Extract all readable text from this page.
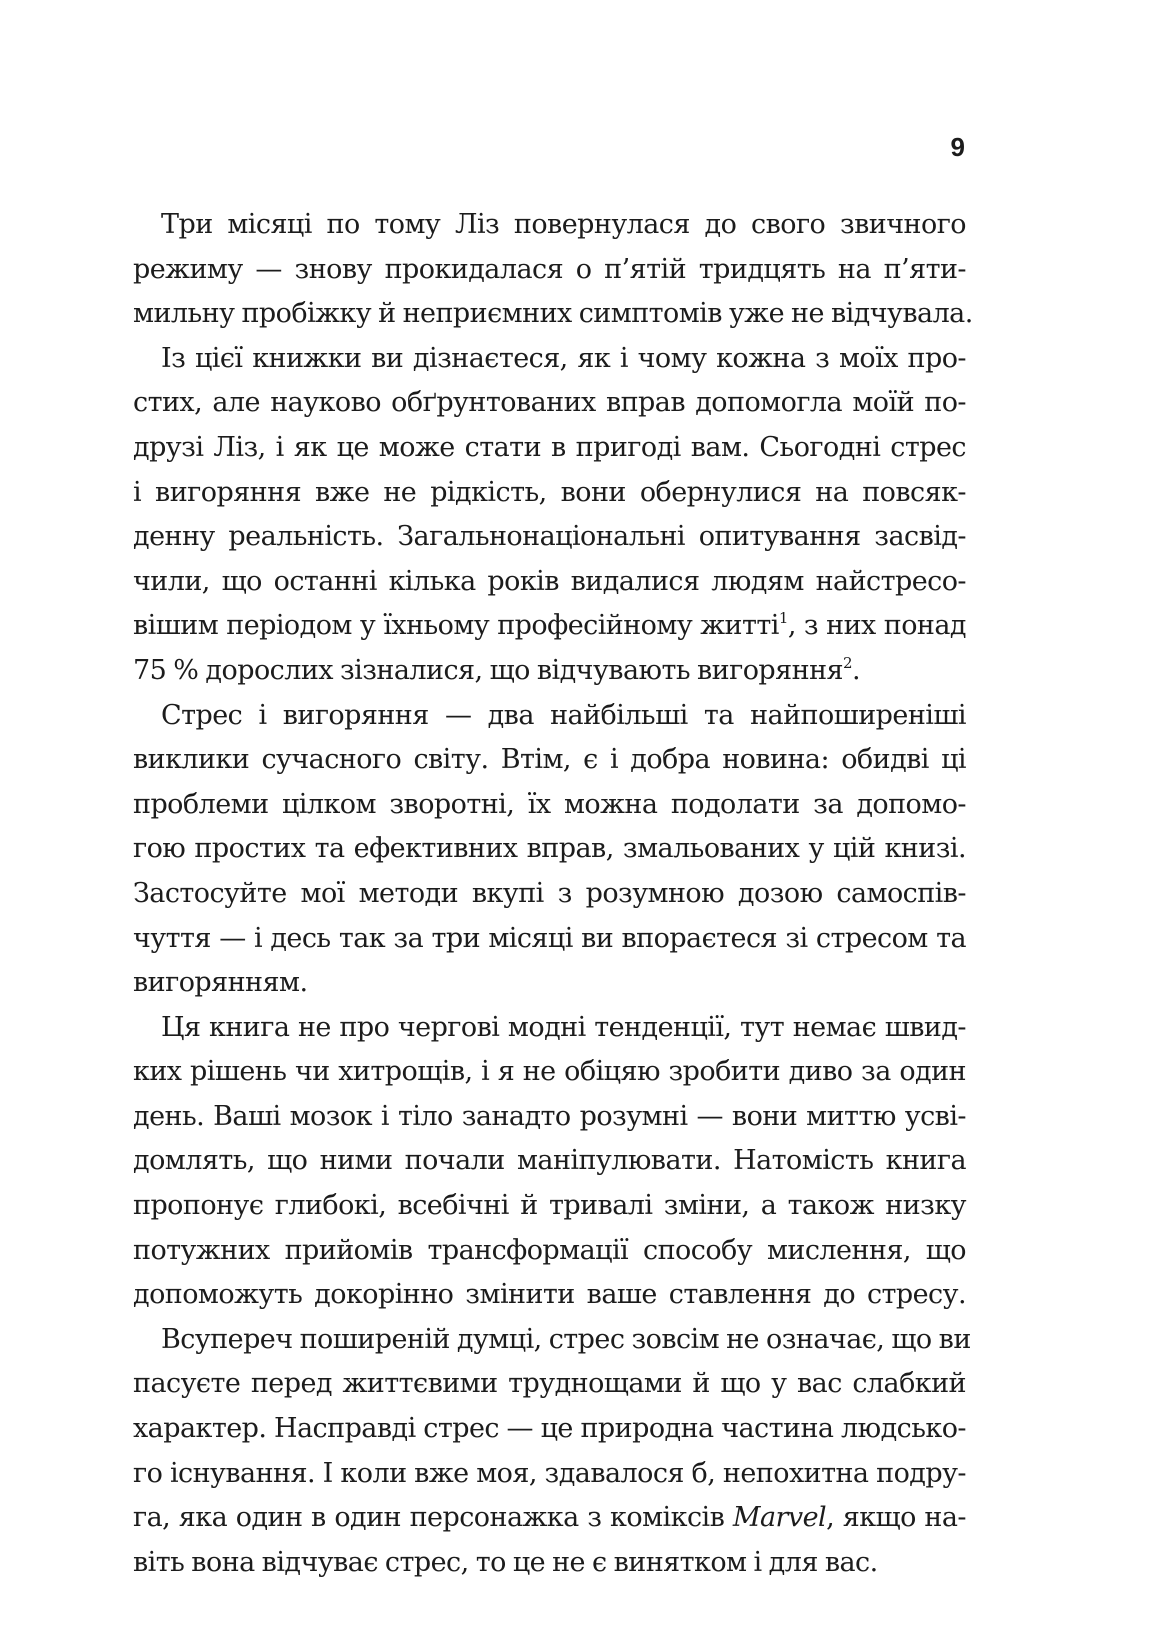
9
Три місяці по тому Ліз повернулася до свого звичного
режиму — знову прокидалася о п’ятій тридцять на п’яти-
мильну пробіжку й неприємних симптомів уже не відчувала.
Із цієї книжки ви дізнаєтеся, як і чому кожна з моїх про-
стих, але науково обґрунтованих вправ допомогла моїй по-
друзі Ліз, і як це може стати в пригоді вам. Сьогодні стрес
і вигоряння вже не рідкість, вони обернулися на повсяк-
денну реальність. Загальнонаціональні опитування засвід-
чили, що останні кілька років видалися людям найстресо-
вішим періодом у їхньому професійному житті$^1$, з них понад
75 % дорослих зізналися, що відчувають вигоряння$^2$.
Стрес і вигоряння — два найбільші та найпоширеніші
виклики сучасного світу. Втім, є і добра новина: обидві ці
проблеми цілком зворотні, їх можна подолати за допомо-
гою простих та ефективних вправ, змальованих у цій книзі.
Застосуйте мої методи вкупі з розумною дозою самоспів-
чуття — і десь так за три місяці ви впораєтеся зі стресом та
вигорянням.
Ця книга не про чергові модні тенденції, тут немає швид-
ких рішень чи хитрощів, і я не обіцяю зробити диво за один
день. Ваші мозок і тіло занадто розумні — вони миттю усві-
домлять, що ними почали маніпулювати. Натомість книга
пропонує глибокі, всебічні й тривалі зміни, а також низку
потужних прийомів трансформації способу мислення, що
допоможуть докорінно змінити ваше ставлення до стресу.
Всупереч поширеній думці, стрес зовсім не означає, що ви
пасуєте перед життєвими труднощами й що у вас слабкий
характер. Насправді стрес — це природна частина людсько-
го існування. І коли вже моя, здавалося б, непохитна подру-
га, яка один в один персонажка з коміксів Marvel, якщо на-
віть вона відчуває стрес, то це не є винятком і для вас.
